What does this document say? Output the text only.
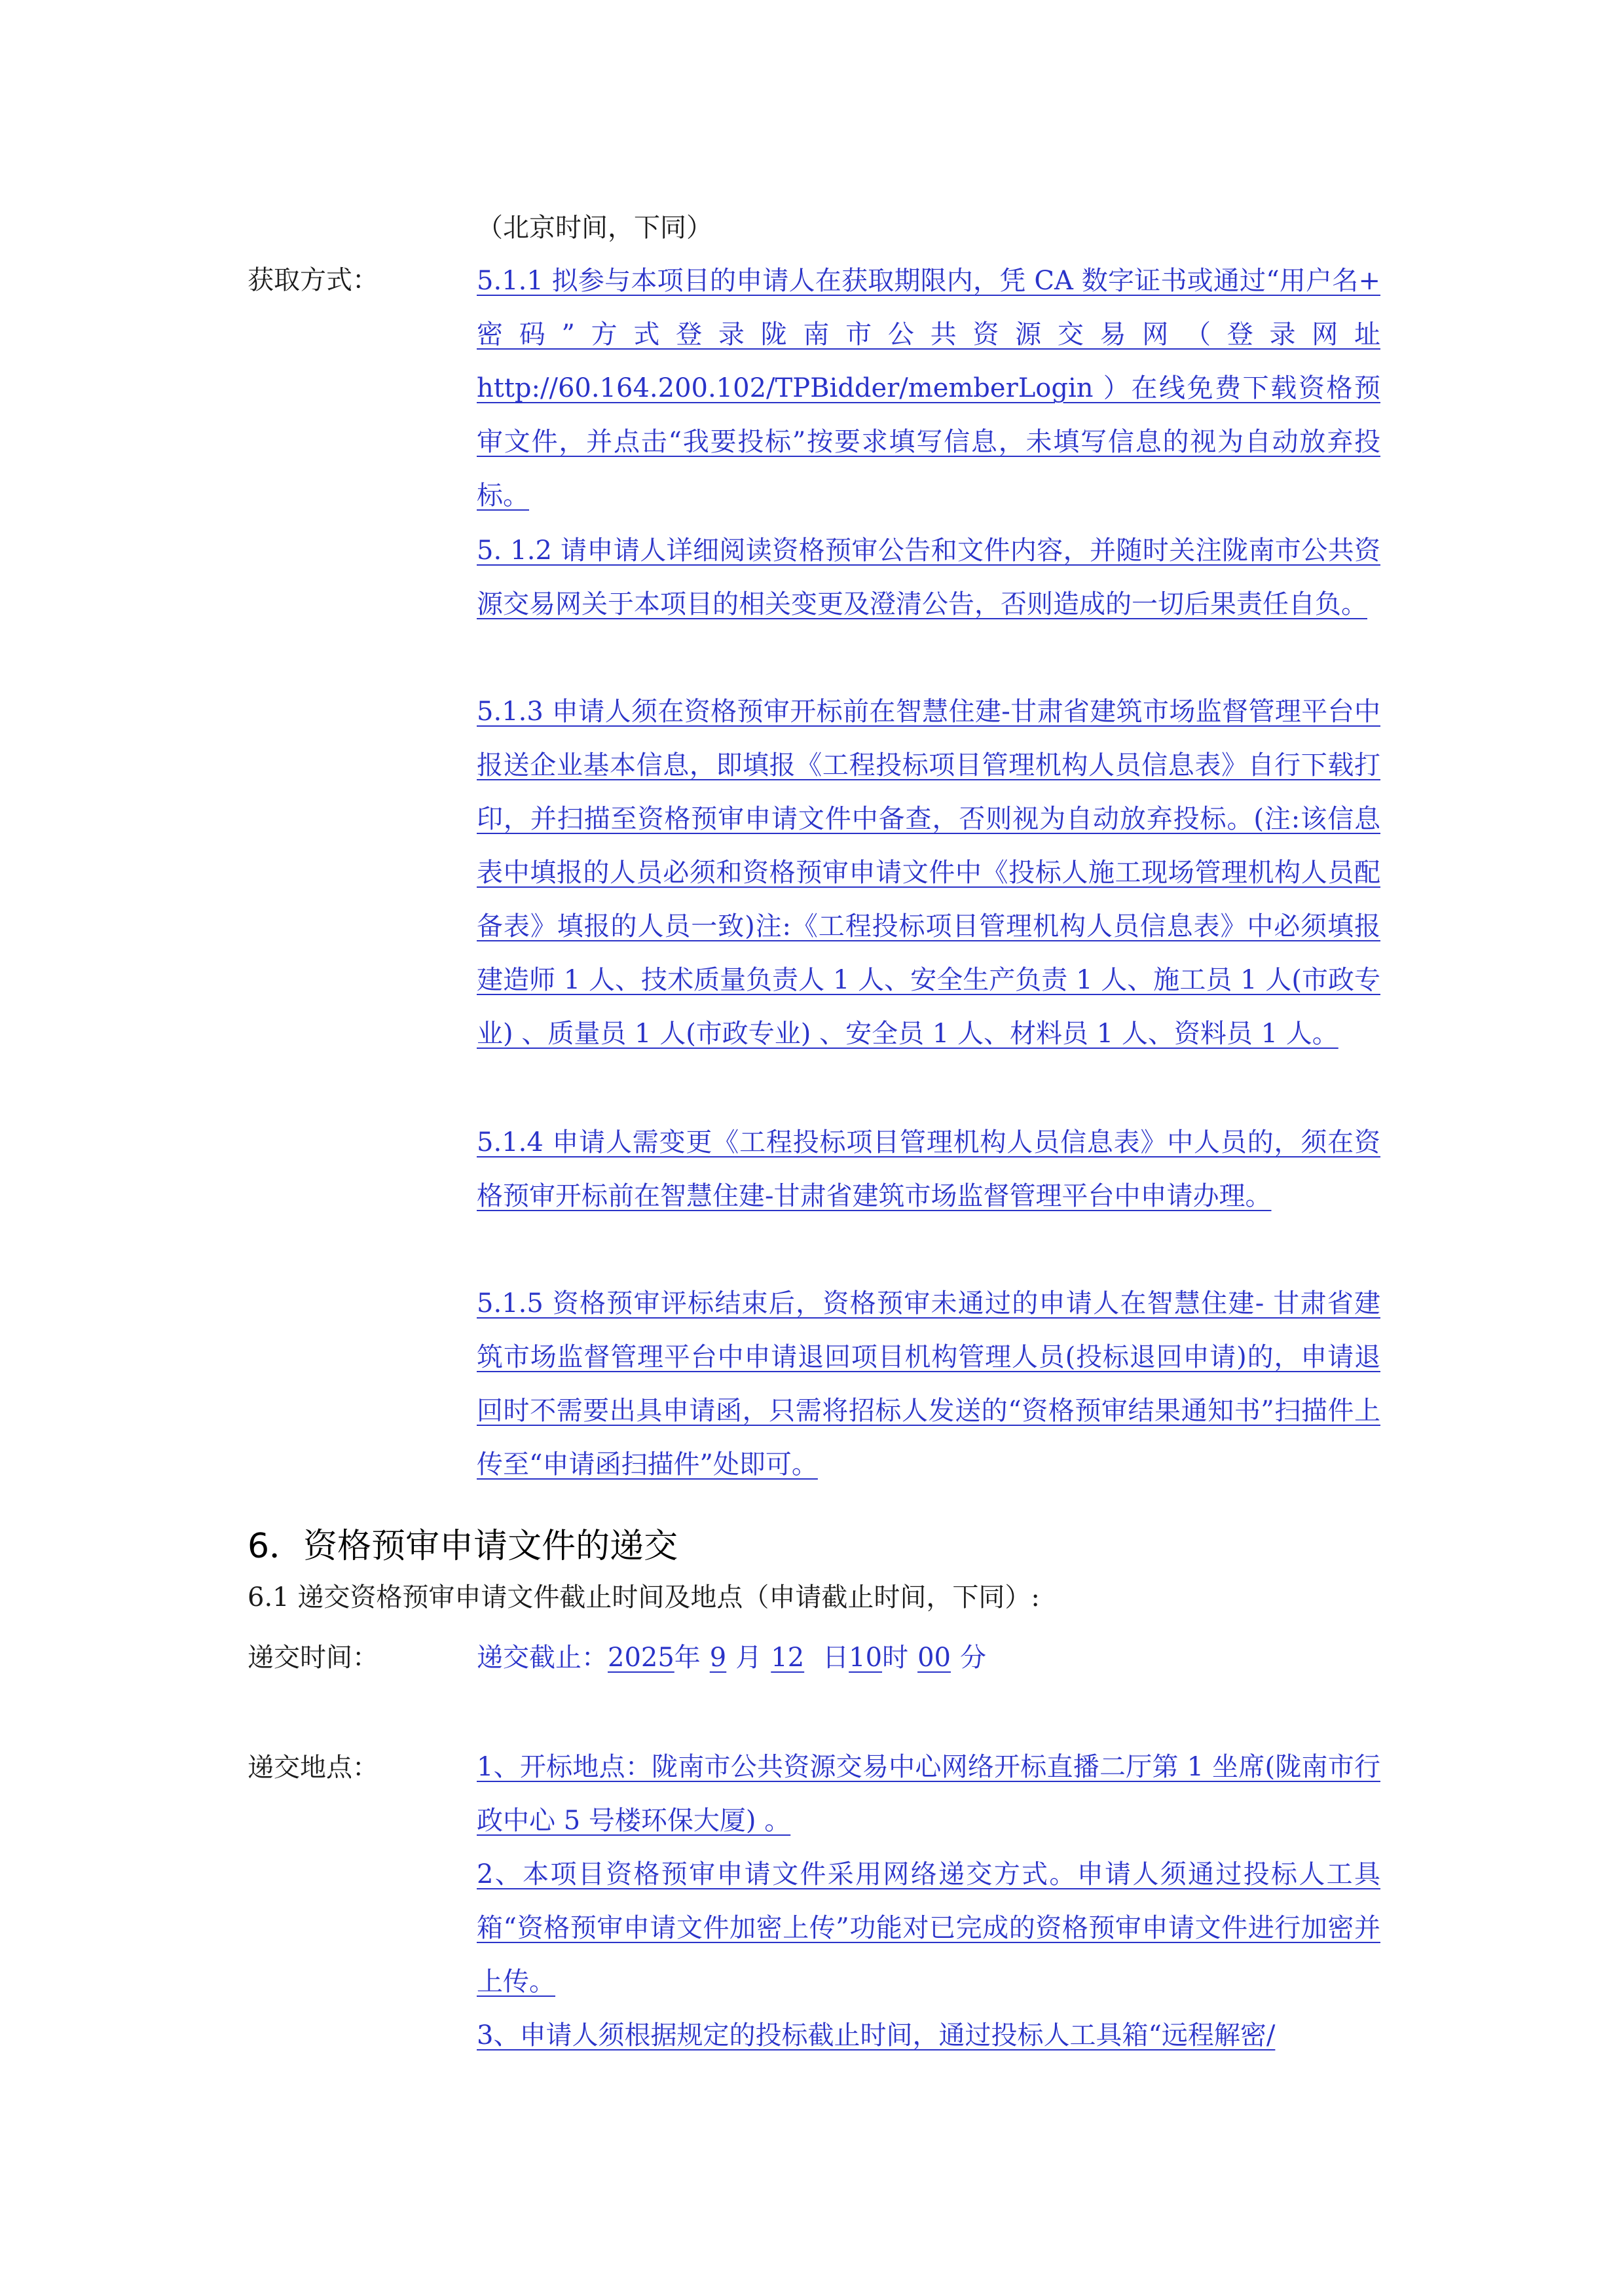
（北京时间，下同）
获取方式：	5.1.1 拟参与本项目的申请人在获取期限内，凭 CA 数字证书或通过“用户名+ 密码”方式登录陇南市公共资源交易网（登录网址 http://60.164.200.102/TPBidder/memberLogin ）在线免费下载资格预审文件，并点击“我要投标”按要求填写信息，未填写信息的视为自动放弃投标。
5. 1.2 请申请人详细阅读资格预审公告和文件内容，并随时关注陇南市公共资源交易网关于本项目的相关变更及澄清公告，否则造成的一切后果责任自负。
5.1.3 申请人须在资格预审开标前在智慧住建-甘肃省建筑市场监督管理平台中报送企业基本信息，即填报《工程投标项目管理机构人员信息表》自行下载打印，并扫描至资格预审申请文件中备查，否则视为自动放弃投标。(注:该信息表中填报的人员必须和资格预审申请文件中《投标人施工现场管理机构人员配备表》填报的人员一致)注:《工程投标项目管理机构人员信息表》中必须填报建造师 1 人、技术质量负责人 1 人、安全生产负责 1 人、施工员 1 人(市政专业) 、质量员 1 人(市政专业) 、安全员 1 人、材料员 1 人、资料员 1 人。
5.1.4 申请人需变更《工程投标项目管理机构人员信息表》中人员的，须在资格预审开标前在智慧住建-甘肃省建筑市场监督管理平台中申请办理。
5.1.5 资格预审评标结束后，资格预审未通过的申请人在智慧住建- 甘肃省建筑市场监督管理平台中申请退回项目机构管理人员(投标退回申请)的，申请退回时不需要出具申请函，只需将招标人发送的“资格预审结果通知书”扫描件上传至“申请函扫描件”处即可。
6．资格预审申请文件的递交
6.1 递交资格预审申请文件截止时间及地点（申请截止时间，下同）:
递交时间：	递交截止：2025年 9 月 12 日10时 00 分
递交地点：	1、开标地点：陇南市公共资源交易中心网络开标直播二厅第 1 坐席(陇南市行政中心 5 号楼环保大厦) 。
2、本项目资格预审申请文件采用网络递交方式。申请人须通过投标人工具箱“资格预审申请文件加密上传”功能对已完成的资格预审申请文件进行加密并上传。
3、申请人须根据规定的投标截止时间，通过投标人工具箱“远程解密/
